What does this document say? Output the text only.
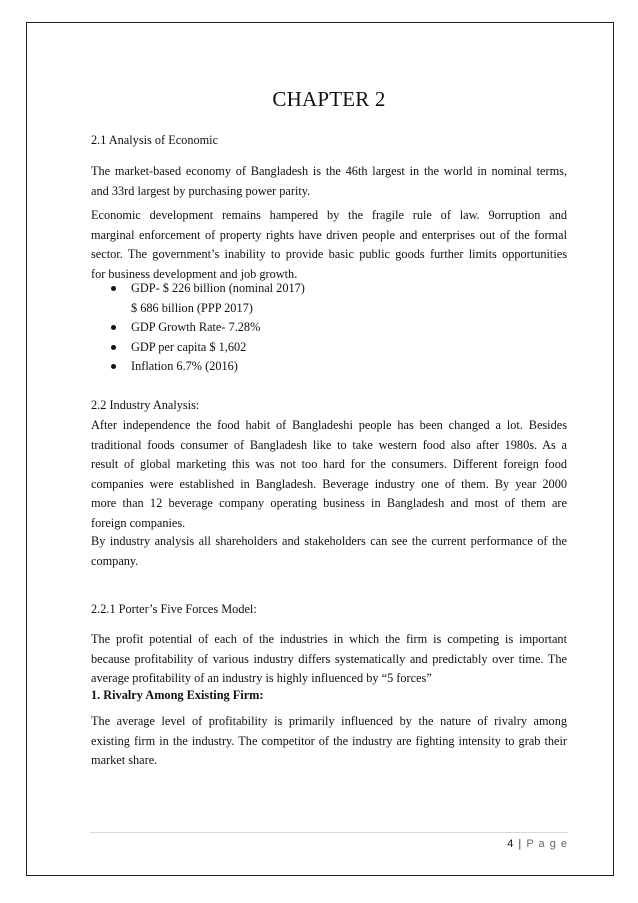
CHAPTER 2
2.1 Analysis of Economic
The market-based economy of Bangladesh is the 46th largest in the world in nominal terms,
and 33rd largest by purchasing power parity.
Economic development remains hampered by the fragile rule of law. 9orruption and
marginal enforcement of property rights have driven people and enterprises out of the formal
sector. The government’s inability to provide basic public goods further limits opportunities
for business development and job growth.
GDP- $ 226 billion (nominal 2017)
$ 686 billion (PPP 2017)
GDP Growth Rate- 7.28%
GDP per capita $ 1,602
Inflation 6.7% (2016)
2.2 Industry Analysis:
After independence the food habit of Bangladeshi people has been changed a lot. Besides
traditional foods consumer of Bangladesh like to take western food also after 1980s. As a
result of global marketing this was not too hard for the consumers. Different foreign food
companies were established in Bangladesh. Beverage industry one of them. By year 2000
more than 12 beverage company operating business in Bangladesh and most of them are
foreign companies.
By industry analysis all shareholders and stakeholders can see the current performance of the
company.
2.2.1 Porter’s Five Forces Model:
The profit potential of each of the industries in which the firm is competing is important
because profitability of various industry differs systematically and predictably over time. The
average profitability of an industry is highly influenced by “5 forces”
1. Rivalry Among Existing Firm:
The average level of profitability is primarily influenced by the nature of rivalry among
existing firm in the industry. The competitor of the industry are fighting intensity to grab their
market share.
4 | P a g e
